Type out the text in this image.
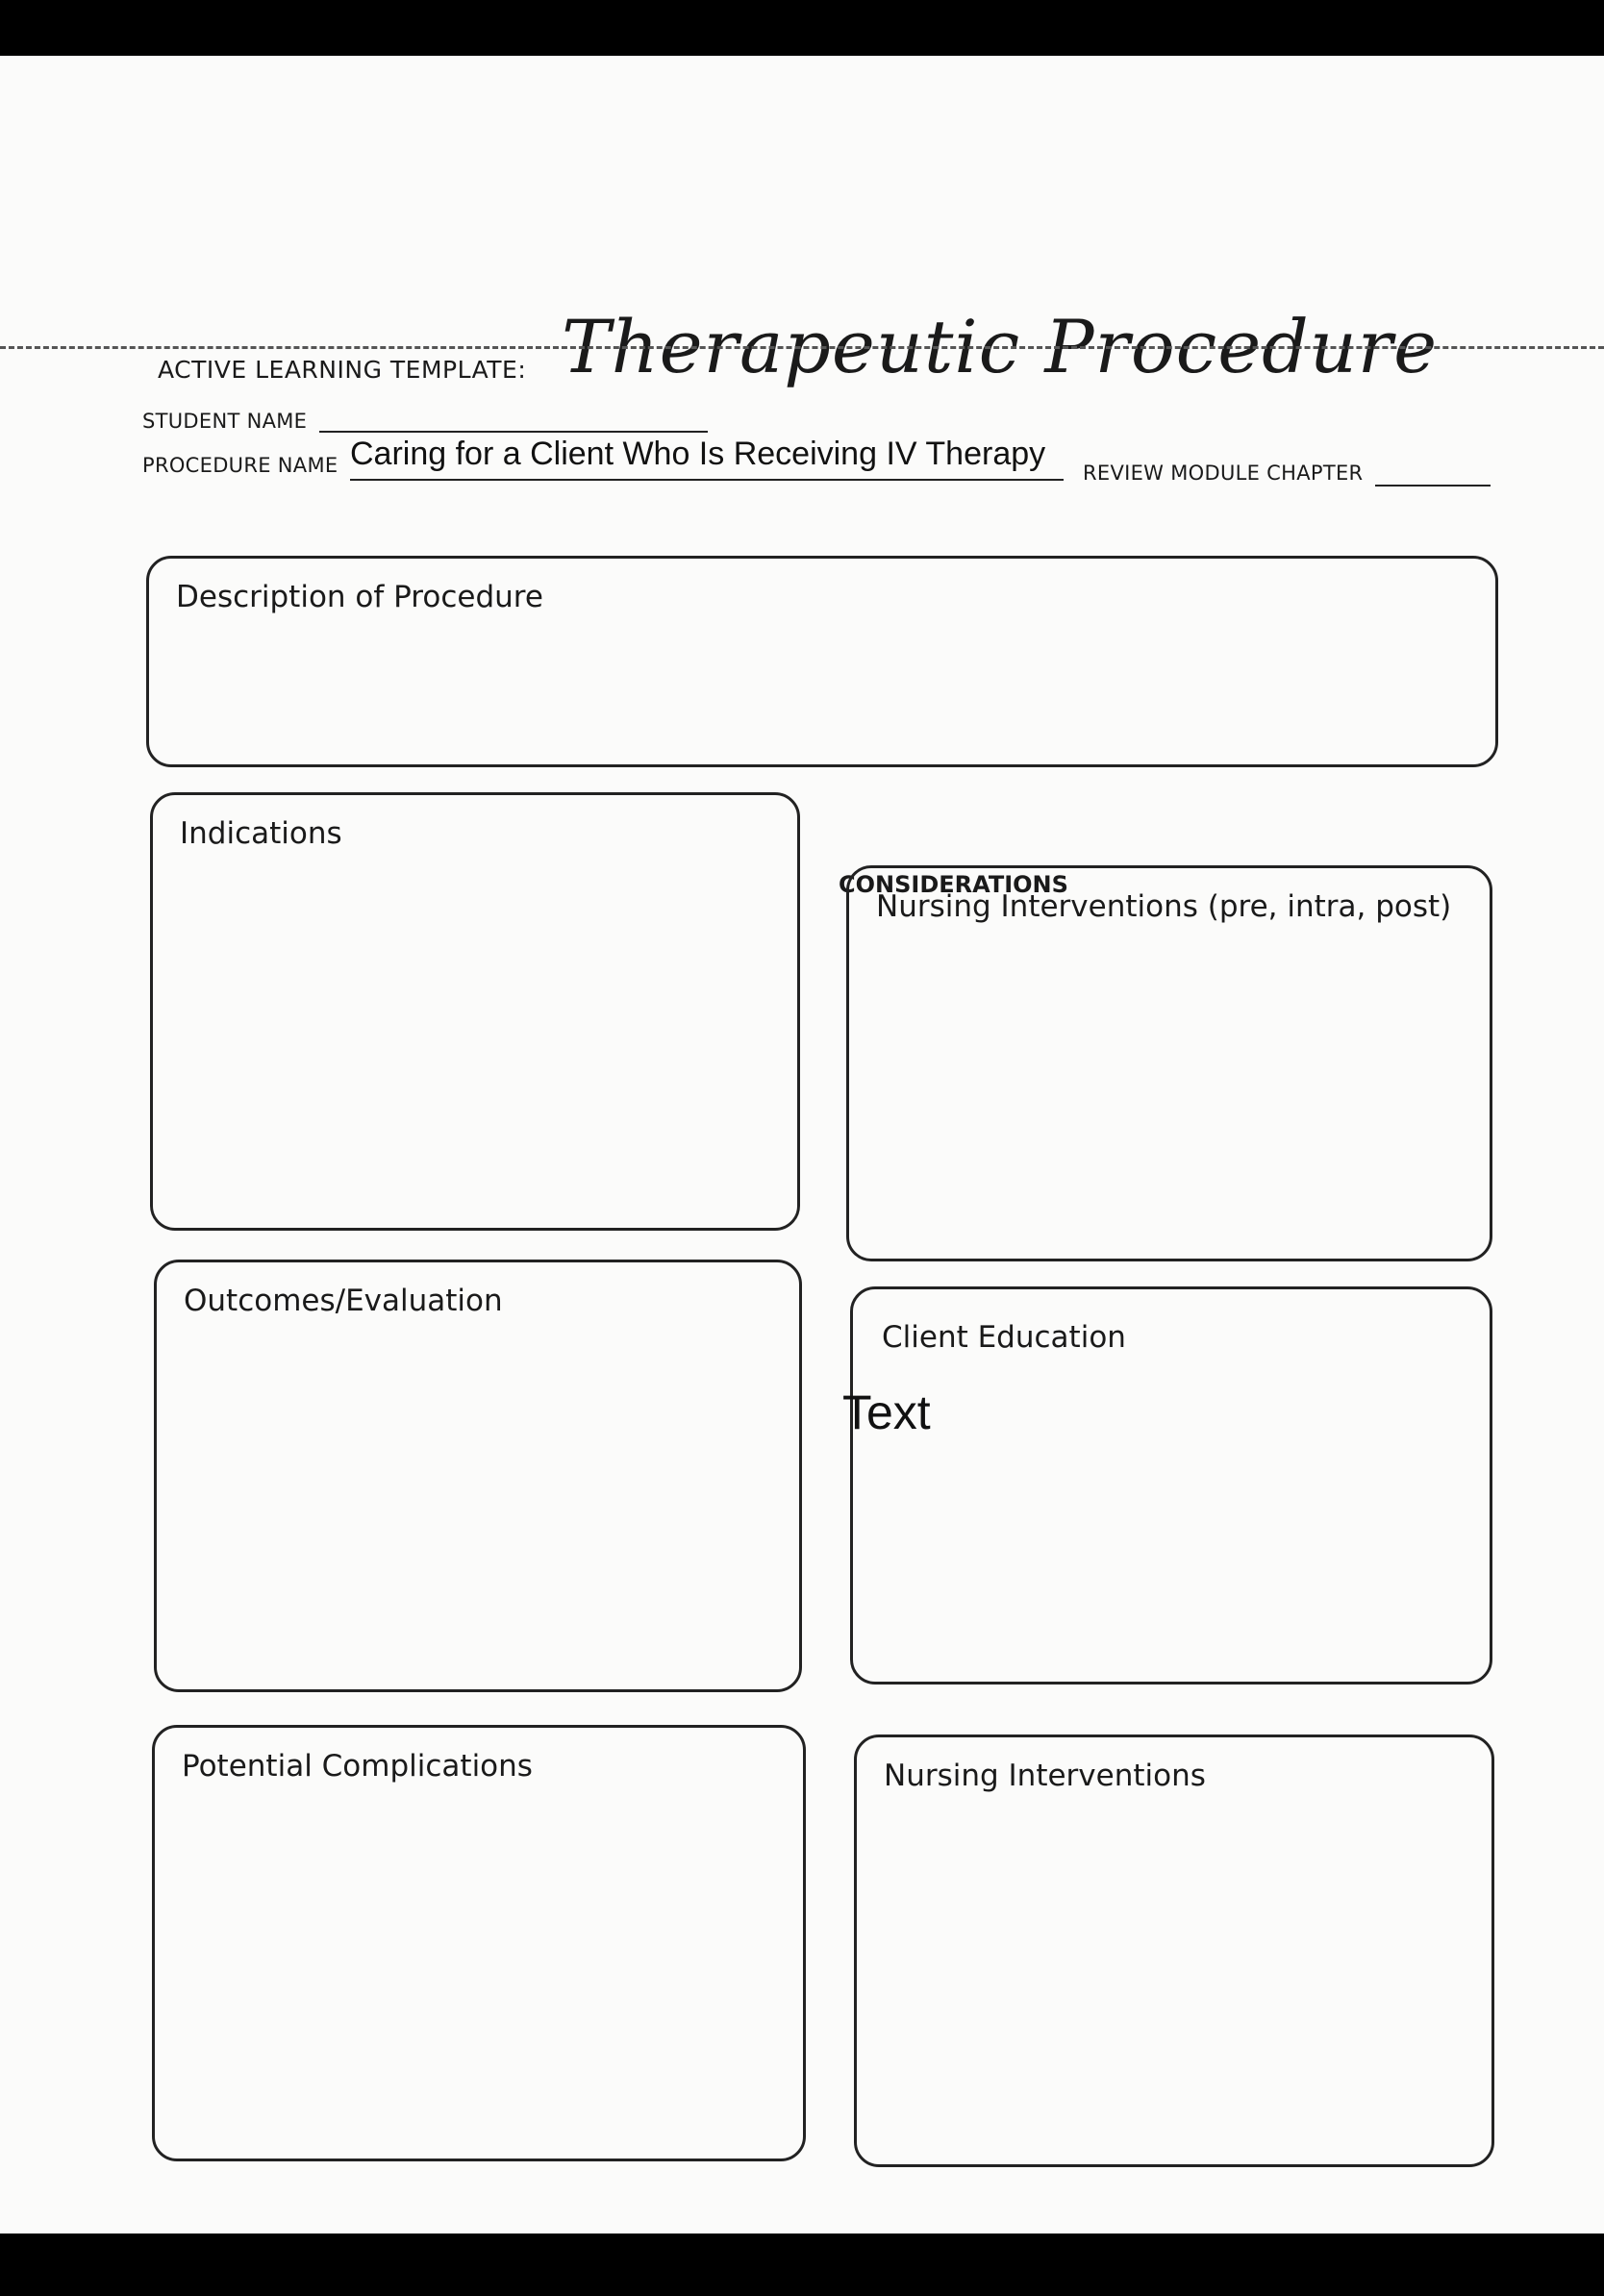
ACTIVE LEARNING TEMPLATE: Therapeutic Procedure
STUDENT NAME
PROCEDURE NAME Caring for a Client Who Is Receiving IV Therapy
REVIEW MODULE CHAPTER
Description of Procedure
Indications
CONSIDERATIONS
Nursing Interventions (pre, intra, post)
Outcomes/Evaluation
Client Education
Text
Potential Complications	Nursing Interventions
